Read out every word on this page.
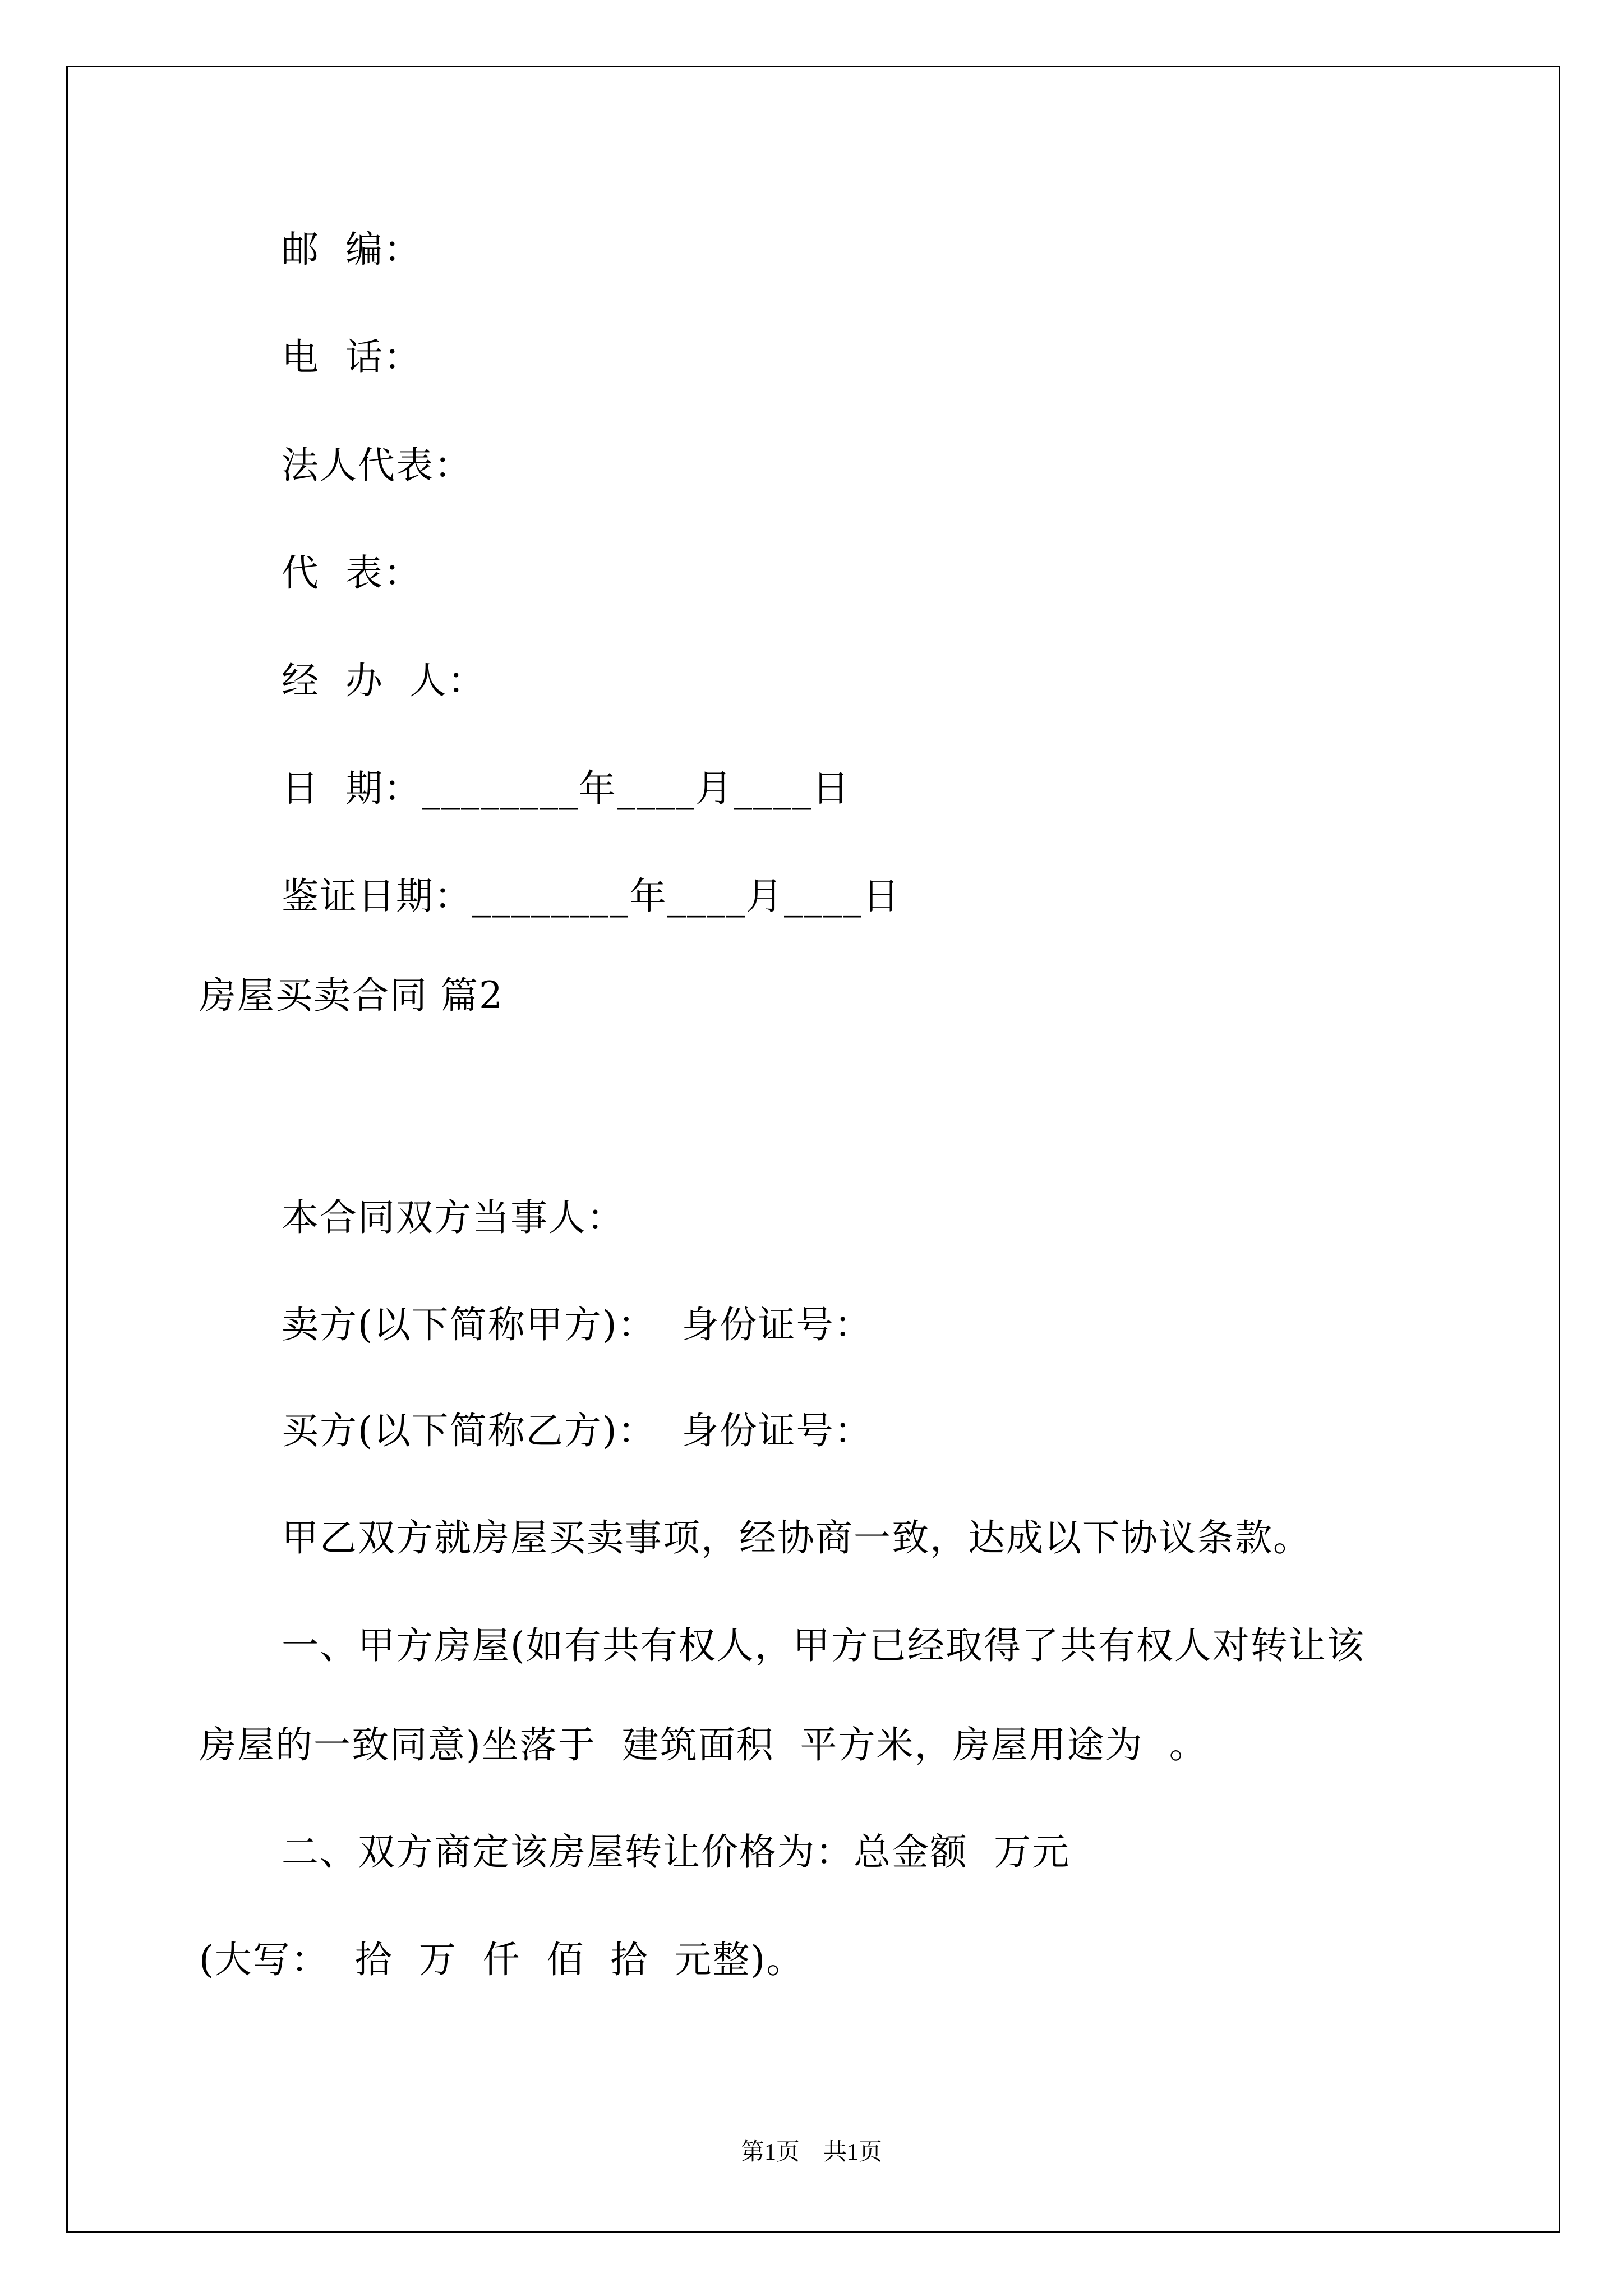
邮  编：
电  话：
法人代表：
代  表：
经  办  人：
日  期：________年____月____日
鉴证日期：________年____月____日
房屋买卖合同 篇2
本合同双方当事人：
卖方(以下简称甲方)：  身份证号：
买方(以下简称乙方)：  身份证号：
甲乙双方就房屋买卖事项，经协商一致，达成以下协议条款。
一、甲方房屋(如有共有权人，甲方已经取得了共有权人对转让该
房屋的一致同意)坐落于  建筑面积  平方米，房屋用途为  。
二、双方商定该房屋转让价格为：总金额  万元
(大写：  拾  万  仟  佰  拾  元整)。
第1页    共1页
